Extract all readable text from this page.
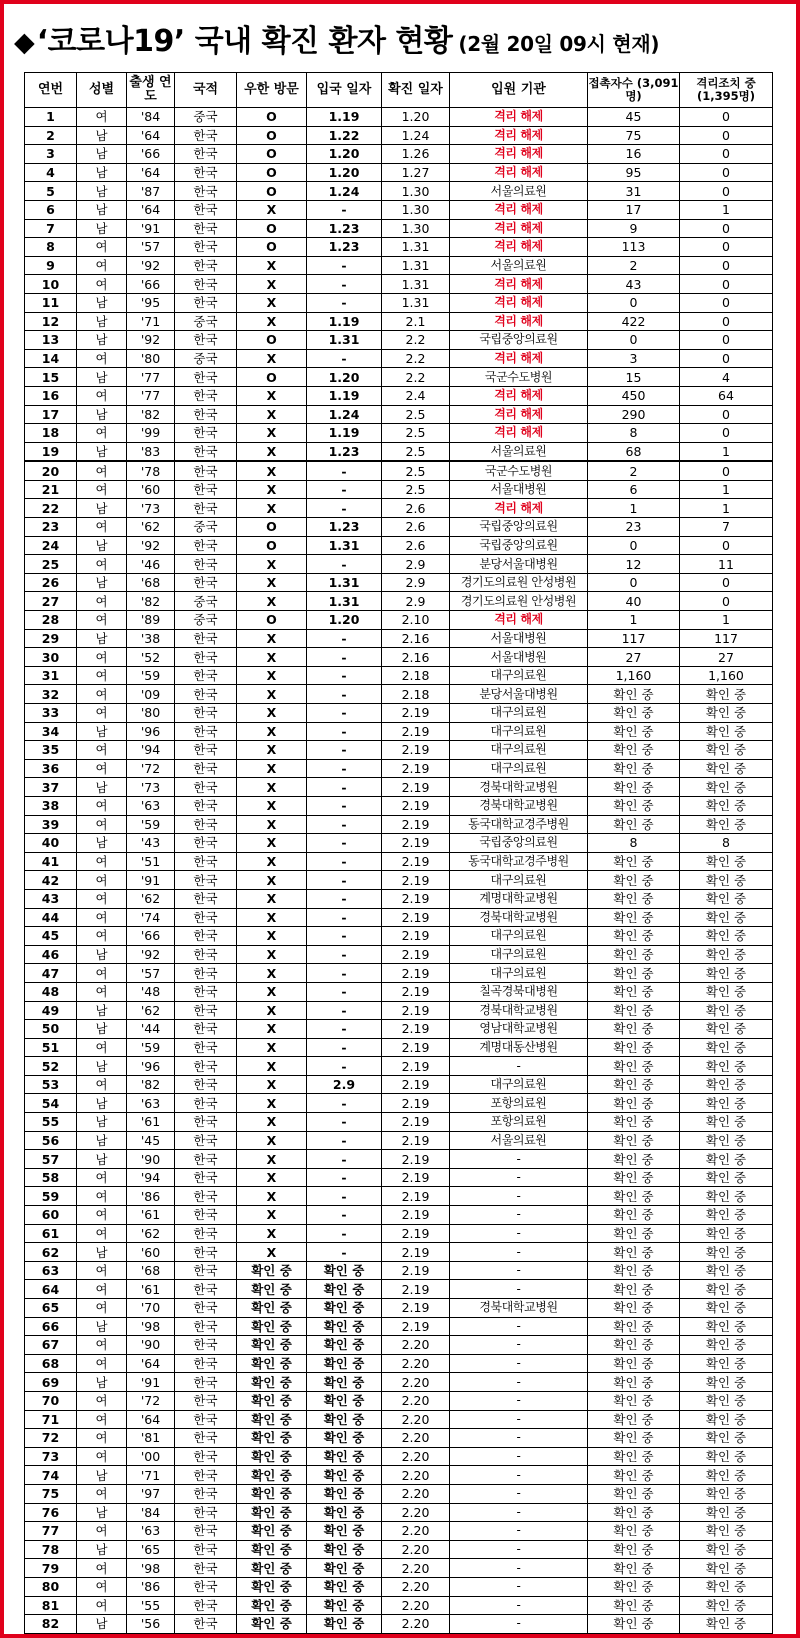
◆ ‘코로나19’ 국내 확진 환자 현황 (2월 20일 09시 현재)
연번	성별	출생 연도	국적	우한 방문	입국 일자	확진 일자	입원 기관	접촉자수 (3,091명)	격리조치 중 (1,395명)
1	여	'84	중국	O	1.19	1.20	격리 해제	45	0
2	남	'64	한국	O	1.22	1.24	격리 해제	75	0
3	남	'66	한국	O	1.20	1.26	격리 해제	16	0
4	남	'64	한국	O	1.20	1.27	격리 해제	95	0
5	남	'87	한국	O	1.24	1.30	서울의료원	31	0
6	남	'64	한국	X	-	1.30	격리 해제	17	1
7	남	'91	한국	O	1.23	1.30	격리 해제	9	0
8	여	'57	한국	O	1.23	1.31	격리 해제	113	0
9	여	'92	한국	X	-	1.31	서울의료원	2	0
10	여	'66	한국	X	-	1.31	격리 해제	43	0
11	남	'95	한국	X	-	1.31	격리 해제	0	0
12	남	'71	중국	X	1.19	2.1	격리 해제	422	0
13	남	'92	한국	O	1.31	2.2	국립중앙의료원	0	0
14	여	'80	중국	X	-	2.2	격리 해제	3	0
15	남	'77	한국	O	1.20	2.2	국군수도병원	15	4
16	여	'77	한국	X	1.19	2.4	격리 해제	450	64
17	남	'82	한국	X	1.24	2.5	격리 해제	290	0
18	여	'99	한국	X	1.19	2.5	격리 해제	8	0
19	남	'83	한국	X	1.23	2.5	서울의료원	68	1
20	여	'78	한국	X	-	2.5	국군수도병원	2	0
21	여	'60	한국	X	-	2.5	서울대병원	6	1
22	남	'73	한국	X	-	2.6	격리 해제	1	1
23	여	'62	중국	O	1.23	2.6	국립중앙의료원	23	7
24	남	'92	한국	O	1.31	2.6	국립중앙의료원	0	0
25	여	'46	한국	X	-	2.9	분당서울대병원	12	11
26	남	'68	한국	X	1.31	2.9	경기도의료원 안성병원	0	0
27	여	'82	중국	X	1.31	2.9	경기도의료원 안성병원	40	0
28	여	'89	중국	O	1.20	2.10	격리 해제	1	1
29	남	'38	한국	X	-	2.16	서울대병원	117	117
30	여	'52	한국	X	-	2.16	서울대병원	27	27
31	여	'59	한국	X	-	2.18	대구의료원	1,160	1,160
32	여	'09	한국	X	-	2.18	분당서울대병원	확인 중	확인 중
33	여	'80	한국	X	-	2.19	대구의료원	확인 중	확인 중
34	남	'96	한국	X	-	2.19	대구의료원	확인 중	확인 중
35	여	'94	한국	X	-	2.19	대구의료원	확인 중	확인 중
36	여	'72	한국	X	-	2.19	대구의료원	확인 중	확인 중
37	남	'73	한국	X	-	2.19	경북대학교병원	확인 중	확인 중
38	여	'63	한국	X	-	2.19	경북대학교병원	확인 중	확인 중
39	여	'59	한국	X	-	2.19	동국대학교경주병원	확인 중	확인 중
40	남	'43	한국	X	-	2.19	국립중앙의료원	8	8
41	여	'51	한국	X	-	2.19	동국대학교경주병원	확인 중	확인 중
42	여	'91	한국	X	-	2.19	대구의료원	확인 중	확인 중
43	여	'62	한국	X	-	2.19	계명대학교병원	확인 중	확인 중
44	여	'74	한국	X	-	2.19	경북대학교병원	확인 중	확인 중
45	여	'66	한국	X	-	2.19	대구의료원	확인 중	확인 중
46	남	'92	한국	X	-	2.19	대구의료원	확인 중	확인 중
47	여	'57	한국	X	-	2.19	대구의료원	확인 중	확인 중
48	여	'48	한국	X	-	2.19	칠곡경북대병원	확인 중	확인 중
49	남	'62	한국	X	-	2.19	경북대학교병원	확인 중	확인 중
50	남	'44	한국	X	-	2.19	영남대학교병원	확인 중	확인 중
51	여	'59	한국	X	-	2.19	계명대동산병원	확인 중	확인 중
52	남	'96	한국	X	-	2.19	-	확인 중	확인 중
53	여	'82	한국	X	2.9	2.19	대구의료원	확인 중	확인 중
54	남	'63	한국	X	-	2.19	포항의료원	확인 중	확인 중
55	남	'61	한국	X	-	2.19	포항의료원	확인 중	확인 중
56	남	'45	한국	X	-	2.19	서울의료원	확인 중	확인 중
57	남	'90	한국	X	-	2.19	-	확인 중	확인 중
58	여	'94	한국	X	-	2.19	-	확인 중	확인 중
59	여	'86	한국	X	-	2.19	-	확인 중	확인 중
60	여	'61	한국	X	-	2.19	-	확인 중	확인 중
61	여	'62	한국	X	-	2.19	-	확인 중	확인 중
62	남	'60	한국	X	-	2.19	-	확인 중	확인 중
63	여	'68	한국	확인 중	확인 중	2.19	-	확인 중	확인 중
64	여	'61	한국	확인 중	확인 중	2.19	-	확인 중	확인 중
65	여	'70	한국	확인 중	확인 중	2.19	경북대학교병원	확인 중	확인 중
66	남	'98	한국	확인 중	확인 중	2.19	-	확인 중	확인 중
67	여	'90	한국	확인 중	확인 중	2.20	-	확인 중	확인 중
68	여	'64	한국	확인 중	확인 중	2.20	-	확인 중	확인 중
69	남	'91	한국	확인 중	확인 중	2.20	-	확인 중	확인 중
70	여	'72	한국	확인 중	확인 중	2.20	-	확인 중	확인 중
71	여	'64	한국	확인 중	확인 중	2.20	-	확인 중	확인 중
72	여	'81	한국	확인 중	확인 중	2.20	-	확인 중	확인 중
73	여	'00	한국	확인 중	확인 중	2.20	-	확인 중	확인 중
74	남	'71	한국	확인 중	확인 중	2.20	-	확인 중	확인 중
75	여	'97	한국	확인 중	확인 중	2.20	-	확인 중	확인 중
76	남	'84	한국	확인 중	확인 중	2.20	-	확인 중	확인 중
77	여	'63	한국	확인 중	확인 중	2.20	-	확인 중	확인 중
78	남	'65	한국	확인 중	확인 중	2.20	-	확인 중	확인 중
79	여	'98	한국	확인 중	확인 중	2.20	-	확인 중	확인 중
80	여	'86	한국	확인 중	확인 중	2.20	-	확인 중	확인 중
81	여	'55	한국	확인 중	확인 중	2.20	-	확인 중	확인 중
82	남	'56	한국	확인 중	확인 중	2.20	-	확인 중	확인 중
